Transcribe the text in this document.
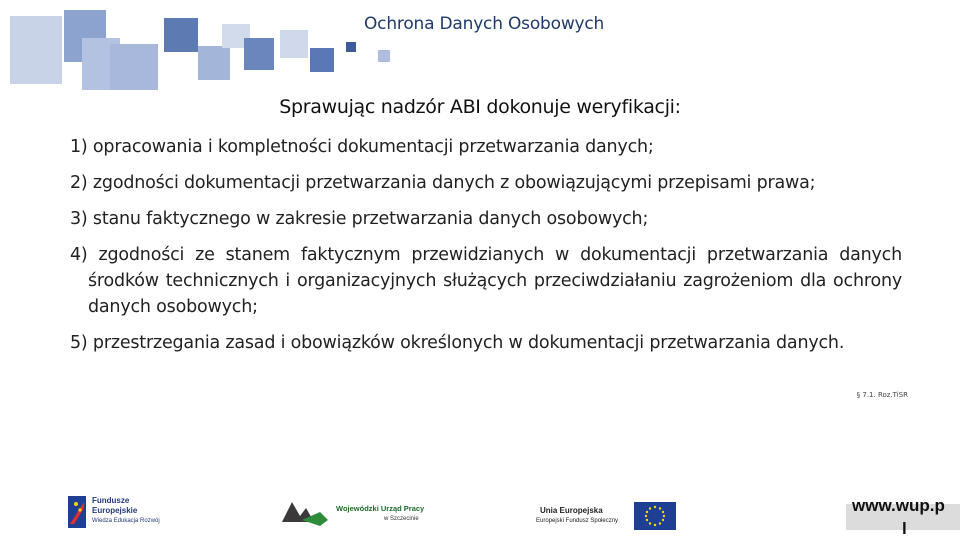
Ochrona Danych Osobowych
Sprawując nadzór ABI dokonuje weryfikacji:
1) opracowania i kompletności dokumentacji przetwarzania danych;
2) zgodności dokumentacji przetwarzania danych z obowiązującymi przepisami prawa;
3) stanu faktycznego w zakresie przetwarzania danych osobowych;
4) zgodności ze stanem faktycznym przewidzianych w dokumentacji przetwarzania danych środków technicznych i organizacyjnych służących przeciwdziałaniu zagrożeniom dla ochrony danych osobowych;
5) przestrzegania zasad i obowiązków określonych w dokumentacji przetwarzania danych.
§ 7.1. Roz.TiSR
Fundusze
Europejskie
Wiedza Edukacja Rozwój
Wojewódzki Urząd Pracy
w Szczecinie
Unia Europejska
Europejski Fundusz Społeczny
www.wup.p
l
